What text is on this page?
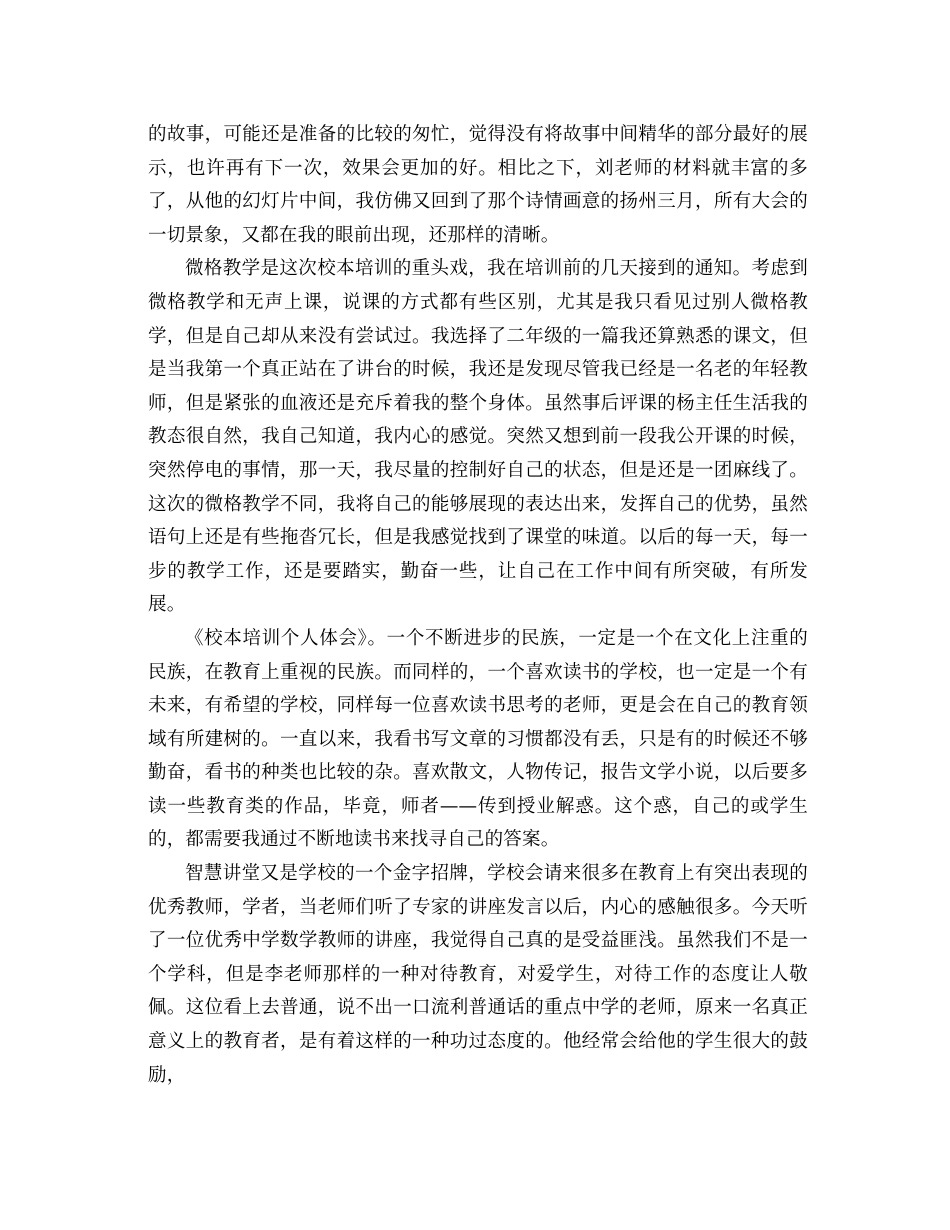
的故事，可能还是准备的比较的匆忙，觉得没有将故事中间精华的部分最好的展示，也许再有下一次，效果会更加的好。相比之下，刘老师的材料就丰富的多了，从他的幻灯片中间，我仿佛又回到了那个诗情画意的扬州三月，所有大会的一切景象，又都在我的眼前出现，还那样的清晰。

微格教学是这次校本培训的重头戏，我在培训前的几天接到的通知。考虑到微格教学和无声上课，说课的方式都有些区别，尤其是我只看见过别人微格教学，但是自己却从来没有尝试过。我选择了二年级的一篇我还算熟悉的课文，但是当我第一个真正站在了讲台的时候，我还是发现尽管我已经是一名老的年轻教师，但是紧张的血液还是充斥着我的整个身体。虽然事后评课的杨主任生活我的教态很自然，我自己知道，我内心的感觉。突然又想到前一段我公开课的时候，突然停电的事情，那一天，我尽量的控制好自己的状态，但是还是一团麻线了。这次的微格教学不同，我将自己的能够展现的表达出来，发挥自己的优势，虽然语句上还是有些拖沓冗长，但是我感觉找到了课堂的味道。以后的每一天，每一步的教学工作，还是要踏实，勤奋一些，让自己在工作中间有所突破，有所发展。

《校本培训个人体会》。一个不断进步的民族，一定是一个在文化上注重的民族，在教育上重视的民族。而同样的，一个喜欢读书的学校，也一定是一个有未来，有希望的学校，同样每一位喜欢读书思考的老师，更是会在自己的教育领域有所建树的。一直以来，我看书写文章的习惯都没有丢，只是有的时候还不够勤奋，看书的种类也比较的杂。喜欢散文，人物传记，报告文学小说，以后要多读一些教育类的作品，毕竟，师者——传到授业解惑。这个惑，自己的或学生的，都需要我通过不断地读书来找寻自己的答案。

智慧讲堂又是学校的一个金字招牌，学校会请来很多在教育上有突出表现的优秀教师，学者，当老师们听了专家的讲座发言以后，内心的感触很多。今天听了一位优秀中学数学教师的讲座，我觉得自己真的是受益匪浅。虽然我们不是一个学科，但是李老师那样的一种对待教育，对爱学生，对待工作的态度让人敬佩。这位看上去普通，说不出一口流利普通话的重点中学的老师，原来一名真正意义上的教育者，是有着这样的一种功过态度的。他经常会给他的学生很大的鼓励，
